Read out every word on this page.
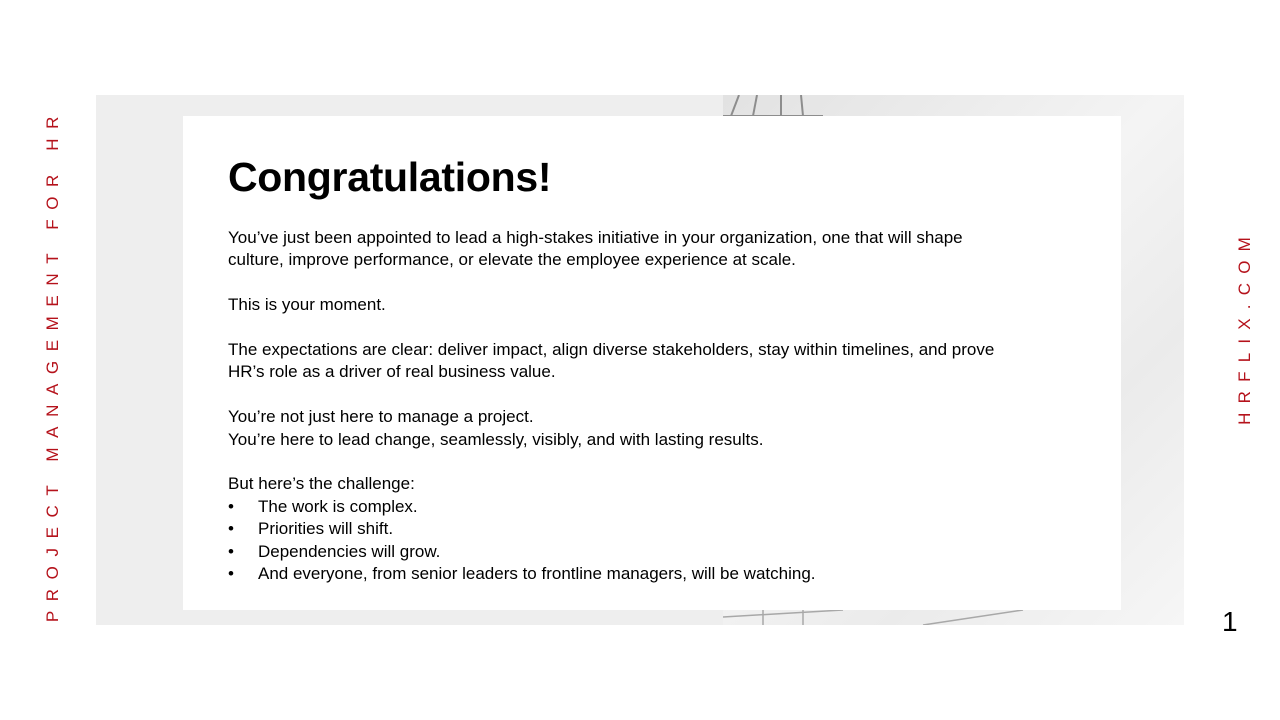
PROJECT MANAGEMENT FOR HR	HRFLIX.COM
Congratulations!

You’ve just been appointed to lead a high-stakes initiative in your organization, one that will shape
culture, improve performance, or elevate the employee experience at scale.

This is your moment.

The expectations are clear: deliver impact, align diverse stakeholders, stay within timelines, and prove
HR’s role as a driver of real business value.

You’re not just here to manage a project.
You’re here to lead change, seamlessly, visibly, and with lasting results.

But here’s the challenge:

• The work is complex.
• Priorities will shift.
• Dependencies will grow.
• And everyone, from senior leaders to frontline managers, will be watching.
1
